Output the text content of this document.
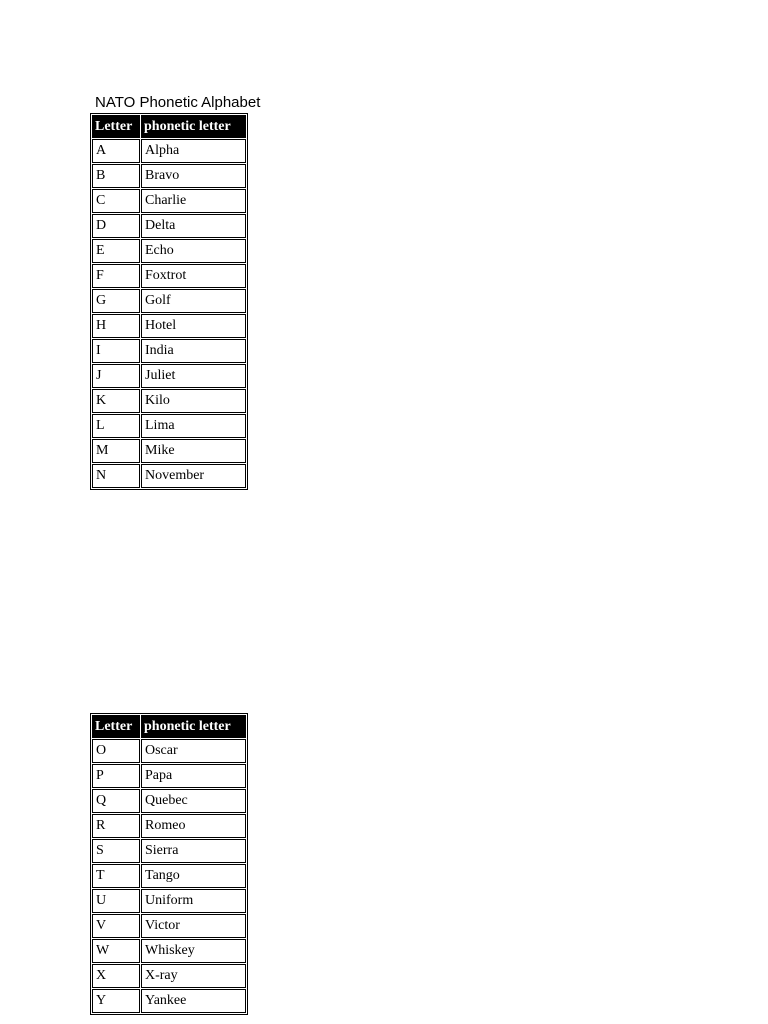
NATO Phonetic Alphabet
Letter	phonetic letter
A	Alpha
B	Bravo
C	Charlie
D	Delta
E	Echo
F	Foxtrot
G	Golf
H	Hotel
I	India
J	Juliet
K	Kilo
L	Lima
M	Mike
N	November
Letter	phonetic letter
O	Oscar
P	Papa
Q	Quebec
R	Romeo
S	Sierra
T	Tango
U	Uniform
V	Victor
W	Whiskey
X	X-ray
Y	Yankee
